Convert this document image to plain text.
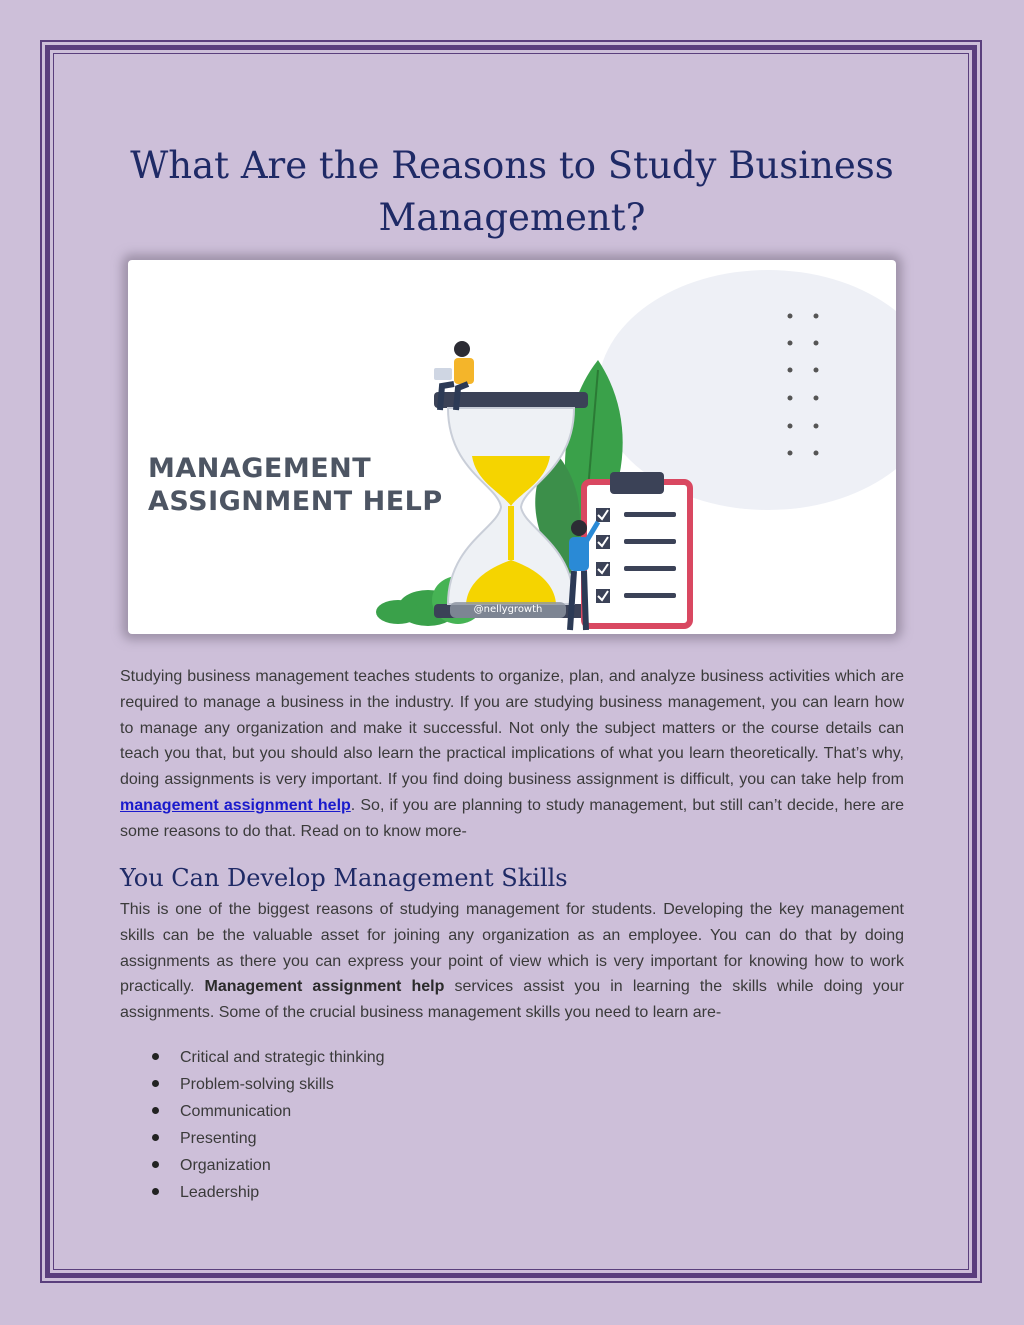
What Are the Reasons to Study Business Management?
MANAGEMENT
ASSIGNMENT HELP
@nellygrowth

Studying business management teaches students to organize, plan, and analyze business activities which are required to manage a business in the industry. If you are studying business management, you can learn how to manage any organization and make it successful. Not only the subject matters or the course details can teach you that, but you should also learn the practical implications of what you learn theoretically. That’s why, doing assignments is very important. If you find doing business assignment is difficult, you can take help from management assignment help. So, if you are planning to study management, but still can’t decide, here are some reasons to do that. Read on to know more-

You Can Develop Management Skills

This is one of the biggest reasons of studying management for students. Developing the key management skills can be the valuable asset for joining any organization as an employee. You can do that by doing assignments as there you can express your point of view which is very important for knowing how to work practically. Management assignment help services assist you in learning the skills while doing your assignments. Some of the crucial business management skills you need to learn are-

Critical and strategic thinking
Problem-solving skills
Communication
Presenting
Organization
Leadership
